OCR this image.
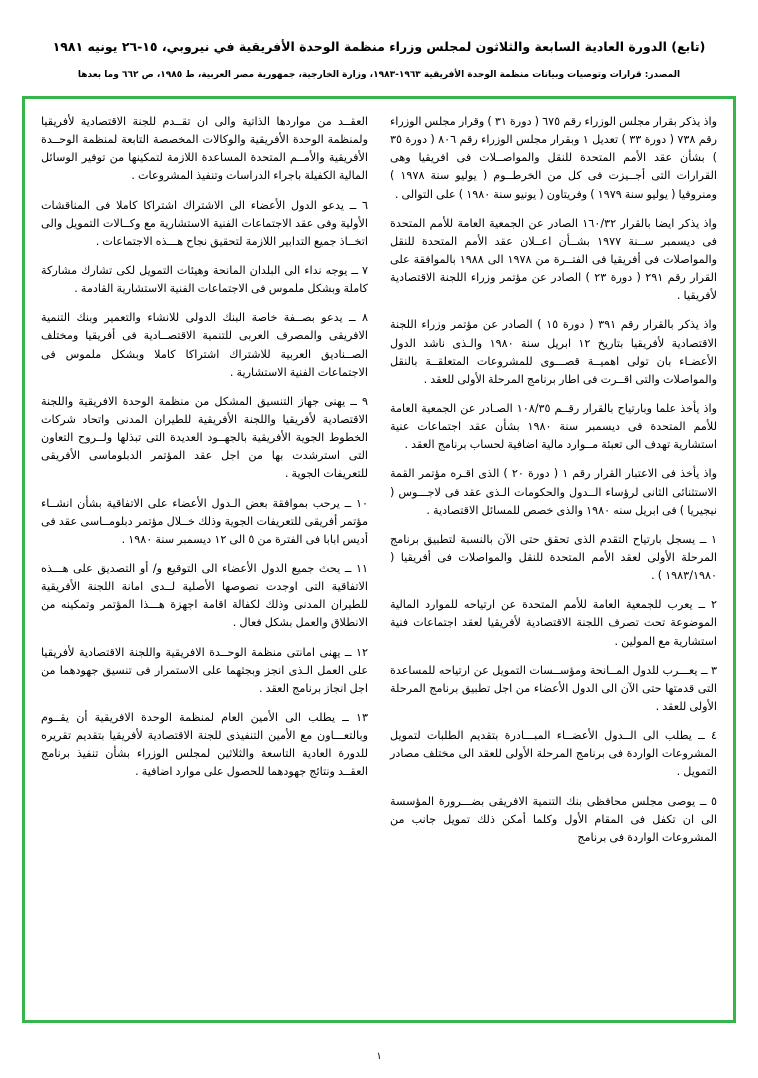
(تابع) الدورة العادية السابعة والثلاثون لمجلس وزراء منظمة الوحدة الأفريقية في نيروبي، ١٥-٢٦ يونيه ١٩٨١
المصدر: قرارات وتوصيات وبيانات منظمة الوحدة الأفريقية ١٩٦٣-١٩٨٣، وزارة الخارجية، جمهورية مصر العربية، ط ١٩٨٥، ص ٦٦٢ وما بعدها

واذ يذكر بقرار مجلس الوزراء رقم ٦٧٥ ( دورة ٣١ ) وقرار مجلس الوزراء رقم ٧٣٨ ( دورة ٣٣ ) تعديل ١ وبقرار مجلس الوزراء رقم ٨٠٦ ( دورة ٣٥ ) بشأن عقد الأمم المتحدة للنقل والمواصــلات فى افريقيا وهى القرارات التى أجــيزت فى كل من الخرطــوم ( يوليو سنة ١٩٧٨ ) ومنروفيا ( يوليو سنة ١٩٧٩ ) وفريتاون ( يونيو سنة ١٩٨٠ ) على التوالى .

واذ يذكر ايضا بالقرار ١٦٠/٣٢ الصادر عن الجمعية العامة للأمم المتحدة فى ديسمبر ســنة ١٩٧٧ بشــأن اعــلان عقد الأمم المتحدة للنقل والمواصلات فى أفريقيا فى الفتــرة من ١٩٧٨ الى ١٩٨٨ بالموافقة على القرار رقم ٢٩١ ( دورة ٢٣ ) الصادر عن مؤتمر وزراء اللجنة الاقتصادية لأفريقيا .

واذ يذكر بالقرار رقم ٣٩١ ( دورة ١٥ ) الصادر عن مؤتمر وزراء اللجنة الاقتصادية لأفريقيا بتاريخ ١٢ ابريل سنة ١٩٨٠ والـذى ناشد الدول الأعضـاء بان تولى اهميــة قصـــوى للمشروعات المتعلقــة بالنقل والمواصلات والتى اقــرت فى اطار برنامج المرحلة الأولى للعقد .

واذ يأخذ علما وبارتياح بالقرار رقــم ١٠٨/٣٥ الصـادر عن الجمعية العامة للأمم المتحدة فى ديسمبر سنة ١٩٨٠ بشأن عقد اجتماعات عنية استشارية تهدف الى تعبئة مــوارد مالية اضافية لحساب برنامج العقد .

واذ يأخذ فى الاعتبار القرار رقم ١ ( دورة ٢٠ ) الذى اقـره مؤتمر القمة الاستثنائى الثانى لرؤساء الــدول والحكومات الـذى عقد فى لاجـــوس ( نيجيريا ) فى ابريل سنه ١٩٨٠ والذى خصص للمسائل الاقتصادية .

١ ــ يسجل بارتياح التقدم الذى تحقق حتى الآن بالنسبة لتطبيق برنامج المرحلة الأولى لعقد الأمم المتحدة للنقل والمواصلات فى أفريقيا ( ١٩٨٣/١٩٨٠ ) .

٢ ــ يعرب للجمعية العامة للأمم المتحدة عن ارتياحه للموارد المالية الموضوعة تحت تصرف اللجنة الاقتصادية لأفريقيا لعقد اجتماعات فنية استشارية مع المولين .

٣ ــ يعـــرب للدول المــانحة ومؤســسات التمويل عن ارتياحه للمساعدة التى قدمتها حتى الآن الى الدول الأعضاء من اجل تطبيق برنامج المرحلة الأولى للعقد .

٤ ــ يطلب الى الــدول الأعضــاء المبـــادرة بتقديم الطلبات لتمويل المشروعات الواردة فى برنامج المرحلة الأولى للعقد الى مختلف مصادر التمويل .

٥ ــ يوصى مجلس محافظى بنك التنمية الافريقى بضـــرورة المؤسسة الى ان تكفل فى المقام الأول وكلما أمكن ذلك تمويل جانب من المشروعات الواردة فى برنامج

العقــد من مواردها الذاتية والى ان تقــدم للجنة الاقتصادية لأفريقيا ولمنظمة الوحدة الأفريقية والوكالات المخصصة التابعة لمنظمة الوحــدة الأفريقية والأمــم المتحدة المساعدة اللازمة لتمكينها من توفير الوسائل المالية الكفيلة باجراء الدراسات وتنفيذ المشروعات .

٦ ــ يدعو الدول الأعضاء الى الاشتراك اشتراكا كاملا فى المناقشات الأولية وفى عقد الاجتماعات الفنية الاستشارية مع وكــالات التمويل والى اتخــاذ جميع التدابير اللازمة لتحقيق نجاح هـــذه الاجتماعات .

٧ ــ يوجه نداء الى البلدان المانحة وهيئات التمويل لكى تشارك مشاركة كاملة وبشكل ملموس فى الاجتماعات الفنية الاستشارية القادمة .

٨ ــ يدعو بصــفة خاصة البنك الدولى للانشاء والتعمير وبنك التنمية الافريقى والمصرف العربى للتنمية الاقتصــادية فى أفريقيا ومختلف الصــناديق العربية للاشتراك اشتراكا كاملا وبشكل ملموس فى الاجتماعات الفنية الاستشارية .

٩ ــ يهنى جهاز التنسيق المشكل من منظمة الوحدة الافريقية واللجنة الاقتصادية لأفريقيا واللجنة الأفريقية للطيران المدنى واتحاد شركات الخطوط الجوية الأفريقية بالجهــود العديدة التى تبذلها ولــروح التعاون التى استرشدت بها من اجل عقد المؤتمر الدبلوماسى الأفريقى للتعريفات الجوية .

١٠ ــ يرحب بموافقة بعض الـدول الأعضاء على الاتفاقية بشأن انشــاء مؤتمر أفريقى للتعريفات الجوية وذلك خــلال مؤتمر دبلومــاسى عقد فى أديس ابابا فى الفترة من ٥ الى ١٢ ديسمبر سنة ١٩٨٠ .

١١ ــ يحث جميع الدول الأعضاء الى التوقيع و/ أو التصديق على هـــذه الاتفاقية التى اوجدت نصوصها الأصلية لــدى امانة اللجنة الأفريقية للطيران المدنى وذلك لكفالة اقامة اجهزة هـــذا المؤتمر وتمكينه من الانطلاق والعمل بشكل فعال .

١٢ ــ يهنى امانتى منظمة الوحــدة الافريقية واللجنة الاقتصادية لأفريقيا على العمل الـذى انجز وبجثهما على الاستمرار فى تنسيق جهودهما من اجل انجاز برنامج العقد .

١٣ ــ يطلب الى الأمين العام لمنظمة الوحدة الافريقية أن يقــوم وبالتعـــاون مع الأمين التنفيذى للجنة الاقتصادية لأفريقيا بتقديم تقريره للدورة العادية التاسعة والثلاثين لمجلس الوزراء بشأن تنفيذ برنامج العقــد ونتائج جهودهما للحصول على موارد اضافية .

١
